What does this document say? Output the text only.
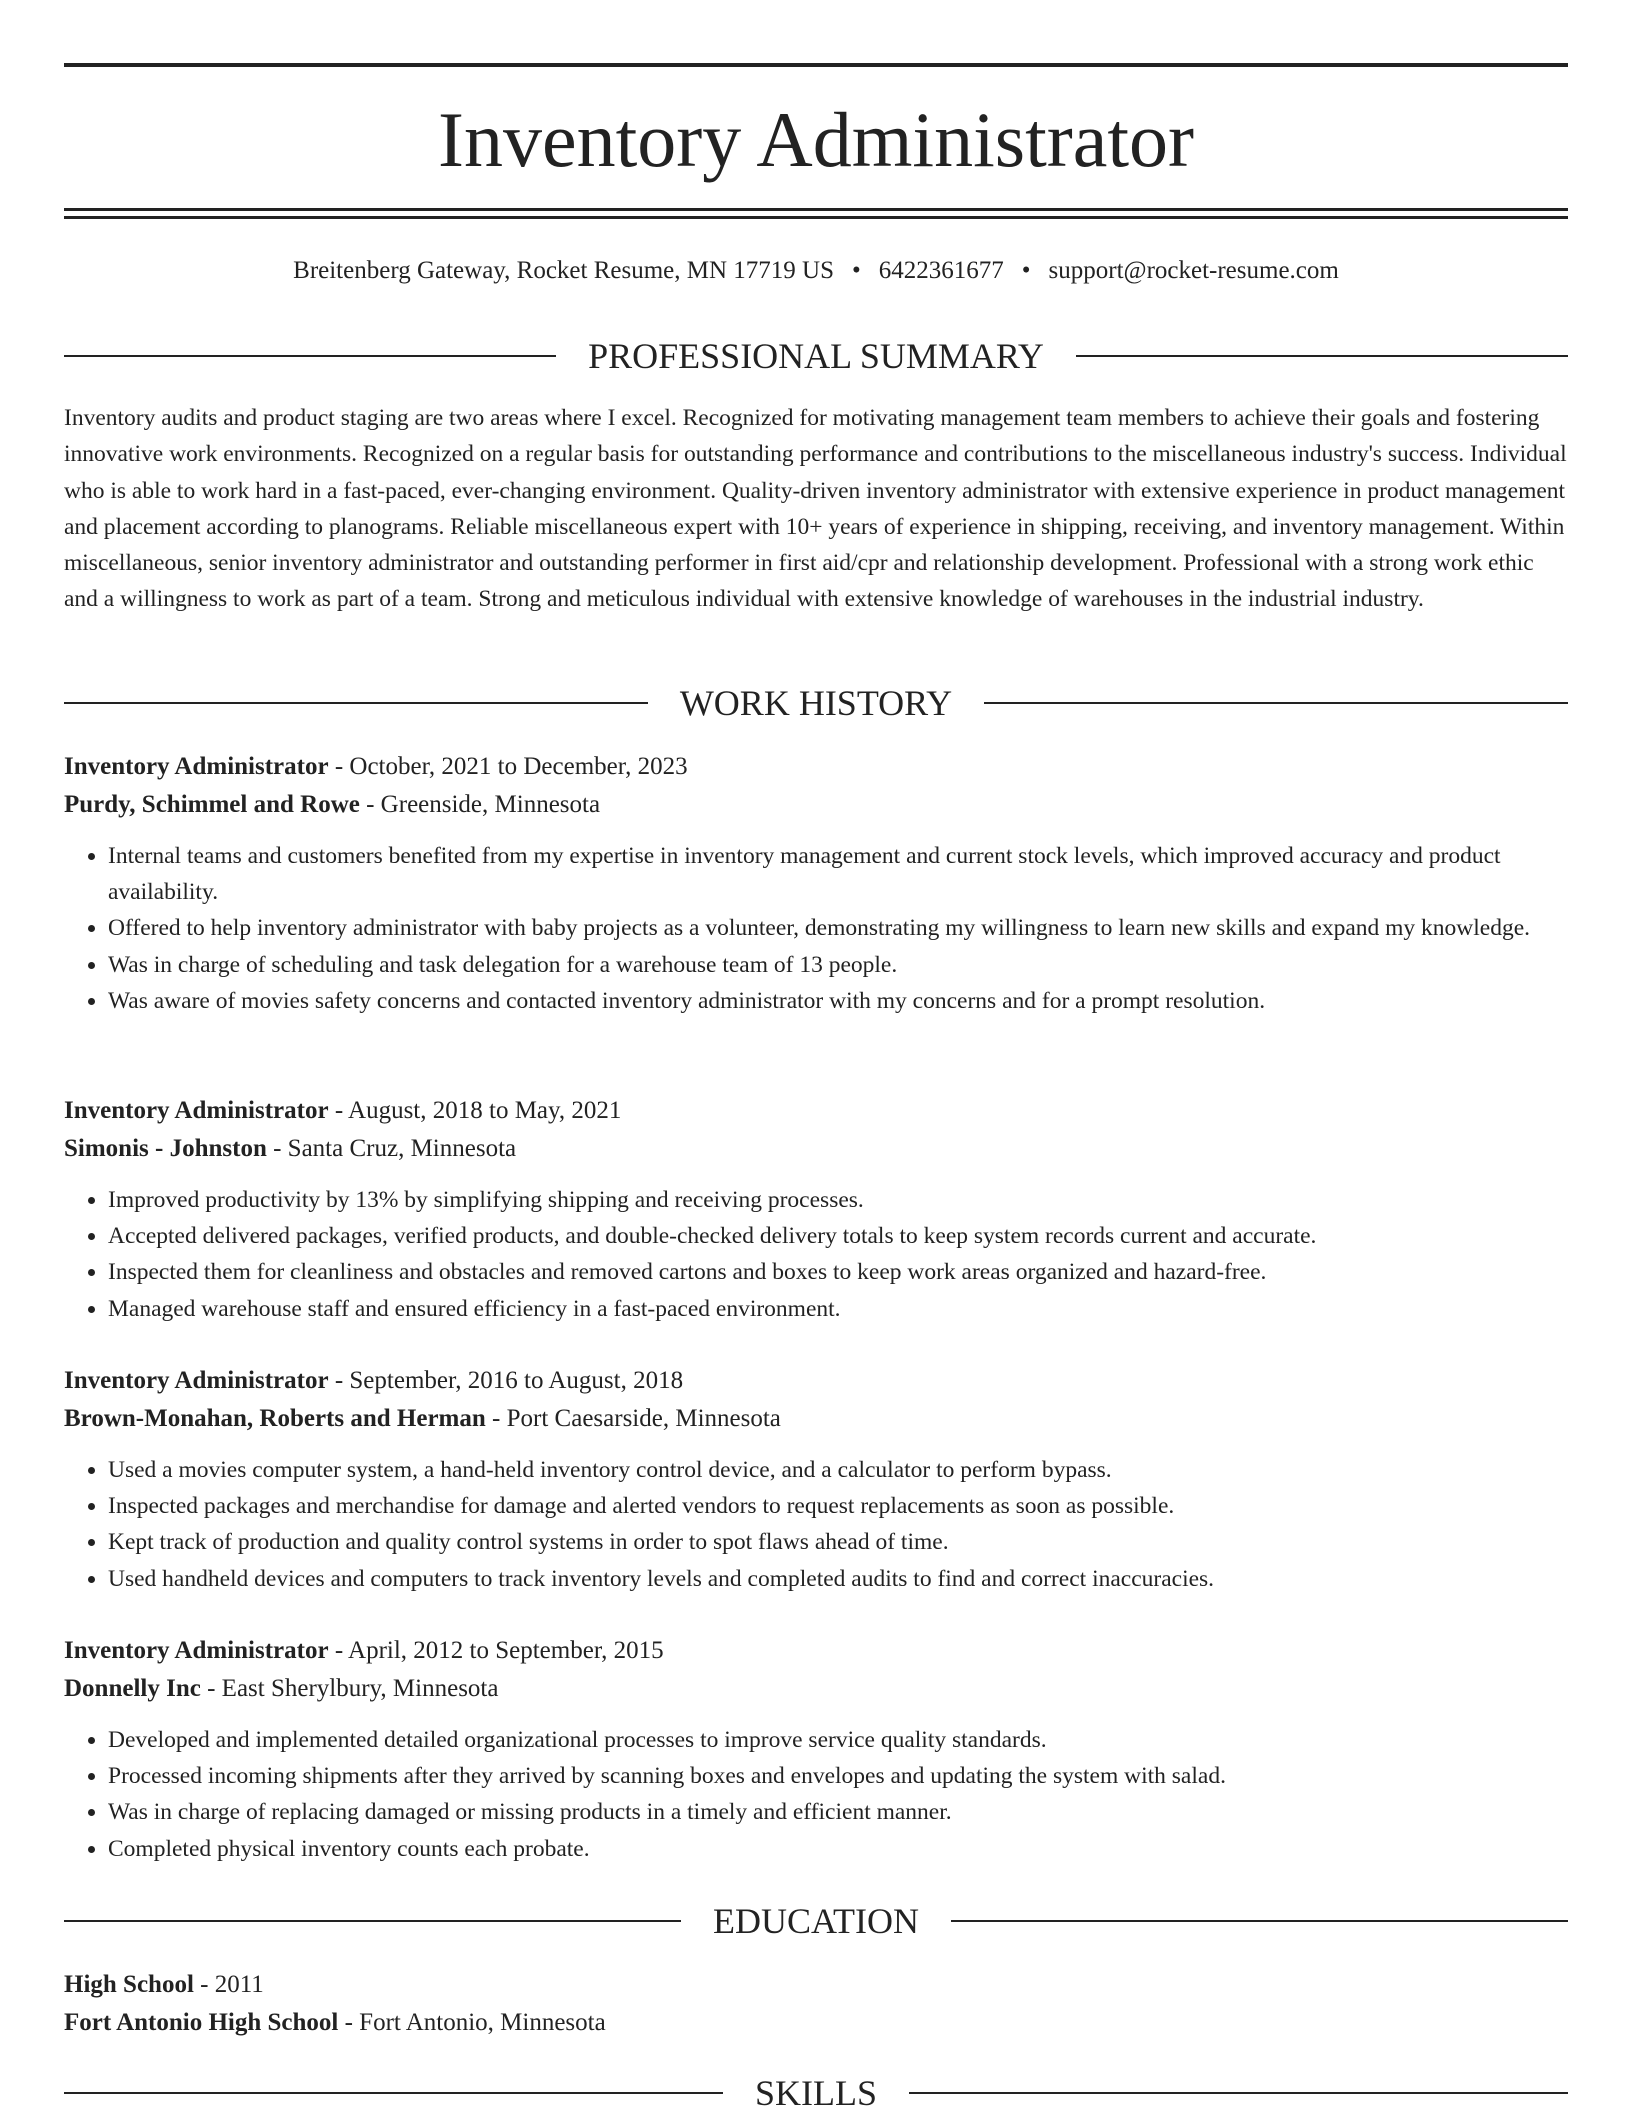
Inventory Administrator
Breitenberg Gateway, Rocket Resume, MN 17719 US • 6422361677 • support@rocket-resume.com
PROFESSIONAL SUMMARY

Inventory audits and product staging are two areas where I excel. Recognized for motivating management team members to achieve their goals and fostering innovative work environments. Recognized on a regular basis for outstanding performance and contributions to the miscellaneous industry's success. Individual who is able to work hard in a fast-paced, ever-changing environment. Quality-driven inventory administrator with extensive experience in product management and placement according to planograms. Reliable miscellaneous expert with 10+ years of experience in shipping, receiving, and inventory management. Within miscellaneous, senior inventory administrator and outstanding performer in first aid/cpr and relationship development. Professional with a strong work ethic and a willingness to work as part of a team. Strong and meticulous individual with extensive knowledge of warehouses in the industrial industry.

WORK HISTORY
Inventory Administrator - October, 2021 to December, 2023
Purdy, Schimmel and Rowe - Greenside, Minnesota
• Internal teams and customers benefited from my expertise in inventory management and current stock levels, which improved accuracy and product availability.
• Offered to help inventory administrator with baby projects as a volunteer, demonstrating my willingness to learn new skills and expand my knowledge.
• Was in charge of scheduling and task delegation for a warehouse team of 13 people.
• Was aware of movies safety concerns and contacted inventory administrator with my concerns and for a prompt resolution.
Inventory Administrator - August, 2018 to May, 2021
Simonis - Johnston - Santa Cruz, Minnesota
• Improved productivity by 13% by simplifying shipping and receiving processes.
• Accepted delivered packages, verified products, and double-checked delivery totals to keep system records current and accurate.
• Inspected them for cleanliness and obstacles and removed cartons and boxes to keep work areas organized and hazard-free.
• Managed warehouse staff and ensured efficiency in a fast-paced environment.
Inventory Administrator - September, 2016 to August, 2018
Brown-Monahan, Roberts and Herman - Port Caesarside, Minnesota
• Used a movies computer system, a hand-held inventory control device, and a calculator to perform bypass.
• Inspected packages and merchandise for damage and alerted vendors to request replacements as soon as possible.
• Kept track of production and quality control systems in order to spot flaws ahead of time.
• Used handheld devices and computers to track inventory levels and completed audits to find and correct inaccuracies.
Inventory Administrator - April, 2012 to September, 2015
Donnelly Inc - East Sherylbury, Minnesota
• Developed and implemented detailed organizational processes to improve service quality standards.
• Processed incoming shipments after they arrived by scanning boxes and envelopes and updating the system with salad.
• Was in charge of replacing damaged or missing products in a timely and efficient manner.
• Completed physical inventory counts each probate.
EDUCATION
High School - 2011
Fort Antonio High School - Fort Antonio, Minnesota
SKILLS
